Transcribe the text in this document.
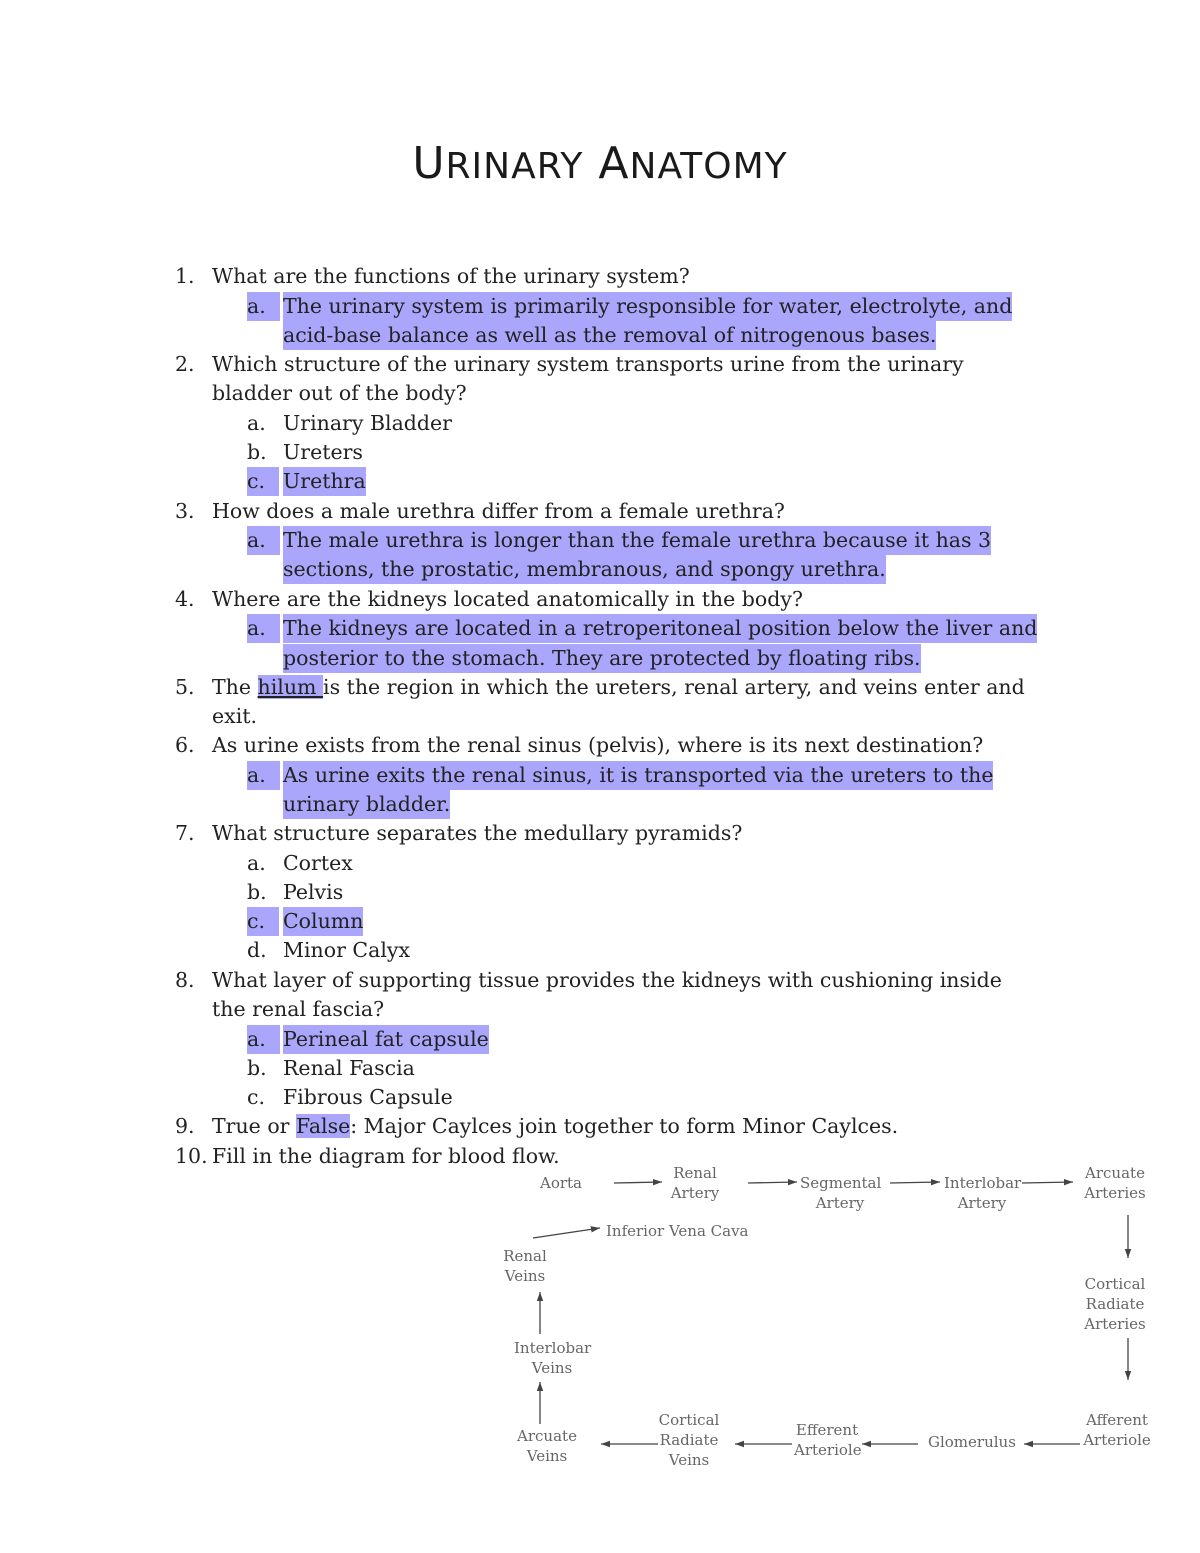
URINARY ANATOMY
1. What are the functions of the urinary system?
a. The urinary system is primarily responsible for water, electrolyte, and
acid-base balance as well as the removal of nitrogenous bases.
2. Which structure of the urinary system transports urine from the urinary
bladder out of the body?
a. Urinary Bladder
b. Ureters
c. Urethra
3. How does a male urethra differ from a female urethra?
a. The male urethra is longer than the female urethra because it has 3
sections, the prostatic, membranous, and spongy urethra.
4. Where are the kidneys located anatomically in the body?
a. The kidneys are located in a retroperitoneal position below the liver and
posterior to the stomach. They are protected by floating ribs.
5. The hilum is the region in which the ureters, renal artery, and veins enter and
exit.
6. As urine exists from the renal sinus (pelvis), where is its next destination?
a. As urine exits the renal sinus, it is transported via the ureters to the
urinary bladder.
7. What structure separates the medullary pyramids?
a. Cortex
b. Pelvis
c. Column
d. Minor Calyx
8. What layer of supporting tissue provides the kidneys with cushioning inside
the renal fascia?
a. Perineal fat capsule
b. Renal Fascia
c. Fibrous Capsule
9. True or False: Major Caylces join together to form Minor Caylces.
10. Fill in the diagram for blood flow.
Aorta
Renal
Artery
Segmental
Artery
Interlobar
Artery
Arcuate
Arteries
Cortical
Radiate
Arteries
Afferent
Arteriole
Glomerulus
Efferent
Arteriole
Cortical
Radiate
Veins
Arcuate
Veins
Interlobar
Veins
Renal
Veins
Inferior Vena Cava
